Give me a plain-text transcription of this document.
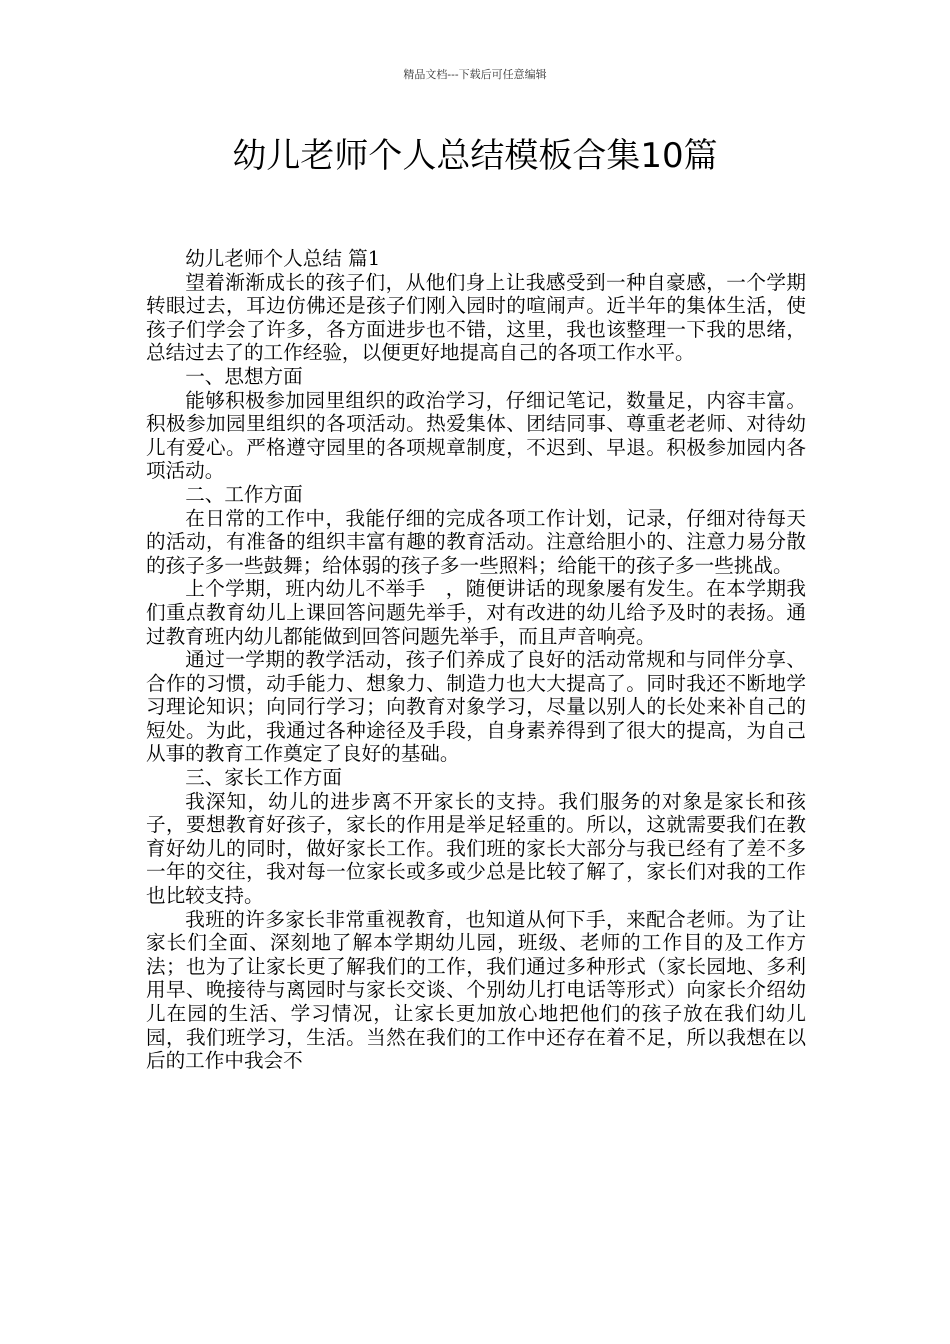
精品文档---下载后可任意编辑
幼儿老师个人总结模板合集10篇

幼儿老师个人总结 篇1

望着渐渐成长的孩子们，从他们身上让我感受到一种自豪感，一个学期转眼过去，耳边仿佛还是孩子们刚入园时的喧闹声。近半年的集体生活，使孩子们学会了许多，各方面进步也不错，这里，我也该整理一下我的思绪，总结过去了的工作经验，以便更好地提高自己的各项工作水平。

一、思想方面

能够积极参加园里组织的政治学习，仔细记笔记，数量足，内容丰富。积极参加园里组织的各项活动。热爱集体、团结同事、尊重老老师、对待幼儿有爱心。严格遵守园里的各项规章制度，不迟到、早退。积极参加园内各项活动。

二、工作方面

在日常的工作中，我能仔细的完成各项工作计划，记录，仔细对待每天的活动，有准备的组织丰富有趣的教育活动。注意给胆小的、注意力易分散的孩子多一些鼓舞；给体弱的孩子多一些照料；给能干的孩子多一些挑战。

上个学期，班内幼儿不举手　，随便讲话的现象屡有发生。在本学期我们重点教育幼儿上课回答问题先举手，对有改进的幼儿给予及时的表扬。通过教育班内幼儿都能做到回答问题先举手，而且声音响亮。

通过一学期的教学活动，孩子们养成了良好的活动常规和与同伴分享、合作的习惯，动手能力、想象力、制造力也大大提高了。同时我还不断地学习理论知识；向同行学习；向教育对象学习，尽量以别人的长处来补自己的短处。为此，我通过各种途径及手段，自身素养得到了很大的提高，为自己从事的教育工作奠定了良好的基础。

三、家长工作方面

我深知，幼儿的进步离不开家长的支持。我们服务的对象是家长和孩子，要想教育好孩子，家长的作用是举足轻重的。所以，这就需要我们在教育好幼儿的同时，做好家长工作。我们班的家长大部分与我已经有了差不多一年的交往，我对每一位家长或多或少总是比较了解了，家长们对我的工作也比较支持。

我班的许多家长非常重视教育，也知道从何下手，来配合老师。为了让家长们全面、深刻地了解本学期幼儿园，班级、老师的工作目的及工作方法；也为了让家长更了解我们的工作，我们通过多种形式（家长园地、多利用早、晚接待与离园时与家长交谈、个别幼儿打电话等形式）向家长介绍幼儿在园的生活、学习情况，让家长更加放心地把他们的孩子放在我们幼儿园，我们班学习，生活。当然在我们的工作中还存在着不足，所以我想在以后的工作中我会不
